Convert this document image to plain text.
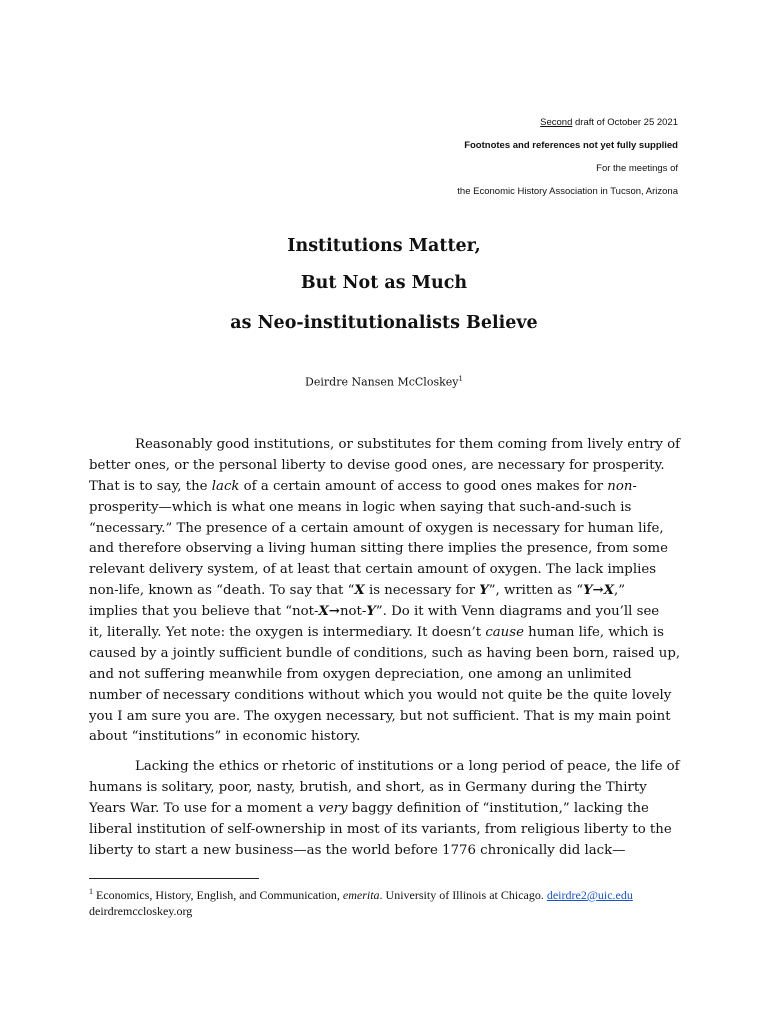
Second draft of October 25 2021
Footnotes and references not yet fully supplied
For the meetings of
the Economic History Association in Tucson, Arizona
Institutions Matter,
But Not as Much
as Neo-institutionalists Believe
Deirdre Nansen McCloskey$^1$
Reasonably good institutions, or substitutes for them coming from lively entry of
better ones, or the personal liberty to devise good ones, are necessary for prosperity.
That is to say, the lack of a certain amount of access to good ones makes for non-
prosperity—which is what one means in logic when saying that such-and-such is
“necessary.” The presence of a certain amount of oxygen is necessary for human life,
and therefore observing a living human sitting there implies the presence, from some
relevant delivery system, of at least that certain amount of oxygen. The lack implies
non-life, known as “death. To say that “X is necessary for Y”, written as “Y→X,”
implies that you believe that “not-X→not-Y”. Do it with Venn diagrams and you’ll see
it, literally. Yet note: the oxygen is intermediary. It doesn’t cause human life, which is
caused by a jointly sufficient bundle of conditions, such as having been born, raised up,
and not suffering meanwhile from oxygen depreciation, one among an unlimited
number of necessary conditions without which you would not quite be the quite lovely
you I am sure you are. The oxygen necessary, but not sufficient. That is my main point
about “institutions” in economic history.
Lacking the ethics or rhetoric of institutions or a long period of peace, the life of
humans is solitary, poor, nasty, brutish, and short, as in Germany during the Thirty
Years War. To use for a moment a very baggy definition of “institution,” lacking the
liberal institution of self-ownership in most of its variants, from religious liberty to the
liberty to start a new business—as the world before 1776 chronically did lack—
$^1$ Economics, History, English, and Communication, emerita. University of Illinois at Chicago. deirdre2@uic.edu
deirdremccloskey.org
